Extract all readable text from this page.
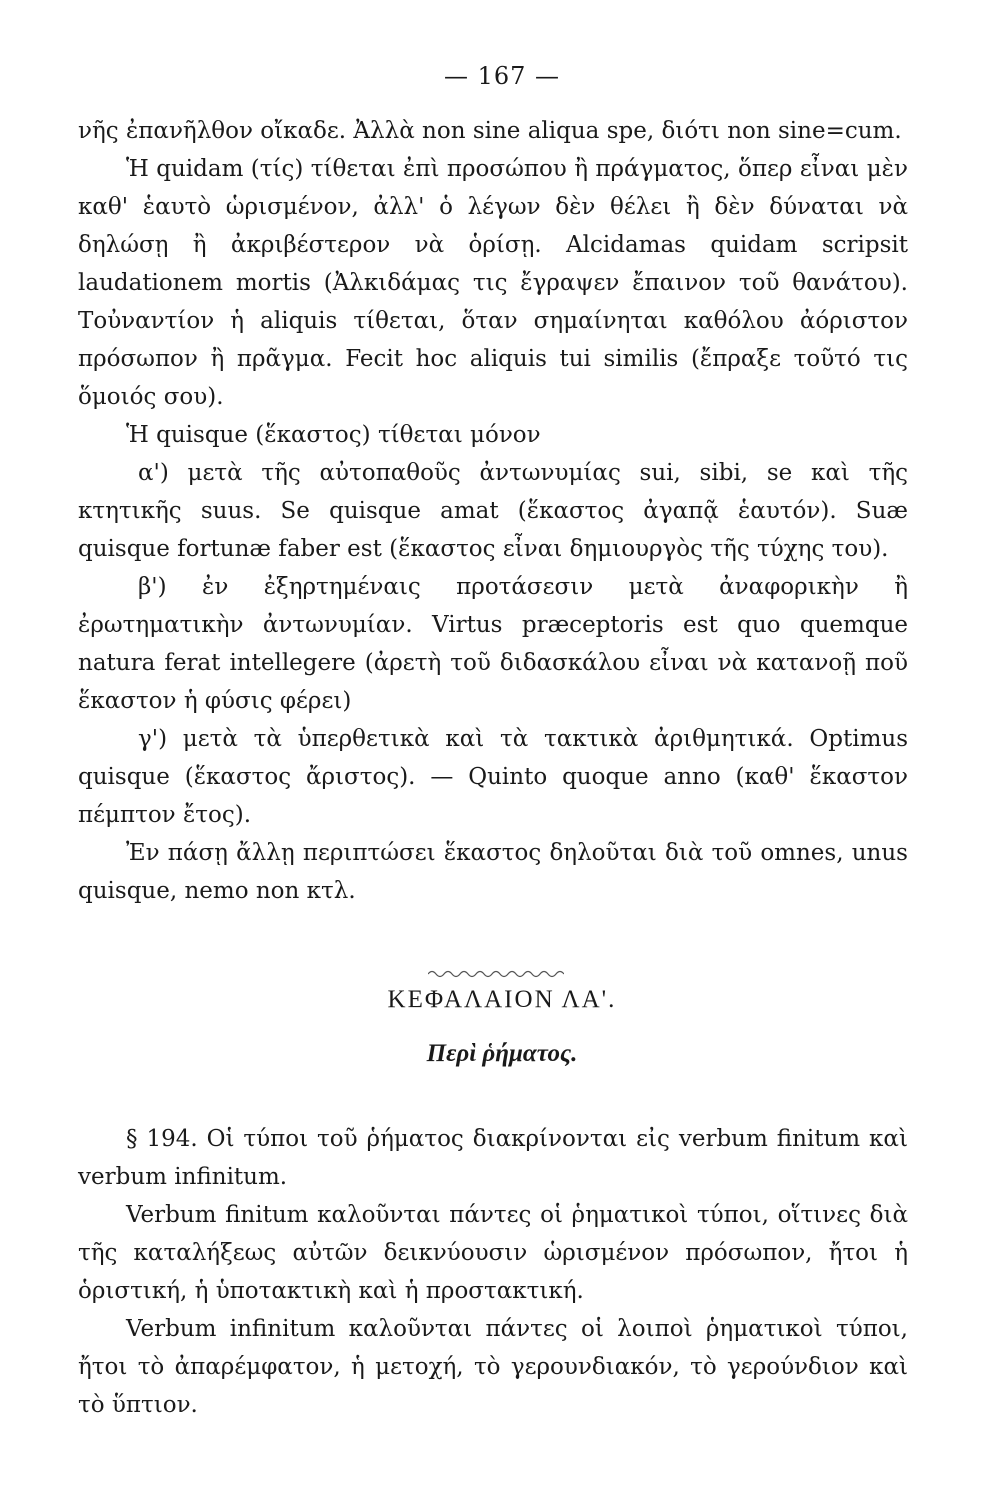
— 167 —

νῆς ἐπανῆλθον οἴκαδε. Ἀλλὰ non sine aliqua spe, διότι non sine=cum.

Ἡ quidam (τίς) τίθεται ἐπὶ προσώπου ἢ πράγματος, ὅπερ εἶναι μὲν καθ' ἑαυτὸ ὡρισμένον, ἀλλ' ὁ λέγων δὲν θέλει ἢ δὲν δύναται νὰ δηλώσῃ ἢ ἀκριβέστερον νὰ ὁρίσῃ. Alcidamas quidam scripsit laudationem mortis (Ἀλκιδάμας τις ἔγραψεν ἔπαινον τοῦ θανάτου). Τοὐναντίον ἡ aliquis τίθεται, ὅταν σημαίνηται καθόλου ἀόριστον πρόσωπον ἢ πρᾶγμα. Fecit hoc aliquis tui similis (ἔπραξε τοῦτό τις ὅμοιός σου).

Ἡ quisque (ἕκαστος) τίθεται μόνον

α') μετὰ τῆς αὐτοπαθοῦς ἀντωνυμίας sui, sibi, se καὶ τῆς κτητικῆς suus. Se quisque amat (ἕκαστος ἀγαπᾷ ἑαυτόν). Suæ quisque fortunæ faber est (ἕκαστος εἶναι δημιουργὸς τῆς τύχης του).

β') ἐν ἐξηρτημέναις προτάσεσιν μετὰ ἀναφορικὴν ἢ ἐρωτηματικὴν ἀντωνυμίαν. Virtus præceptoris est quo quemque natura ferat intellegere (ἀρετὴ τοῦ διδασκάλου εἶναι νὰ κατανοῇ ποῦ ἕκαστον ἡ φύσις φέρει)

γ') μετὰ τὰ ὑπερθετικὰ καὶ τὰ τακτικὰ ἀριθμητικά. Optimus quisque (ἕκαστος ἄριστος). — Quinto quoque anno (καθ' ἕκαστον πέμπτον ἔτος).

Ἐν πάσῃ ἄλλῃ περιπτώσει ἕκαστος δηλοῦται διὰ τοῦ omnes, unus quisque, nemo non κτλ.

ΚΕΦΑΛΑΙΟΝ ΛΑ'.
Περὶ ῥήματος.

§ 194. Οἱ τύποι τοῦ ῥήματος διακρίνονται εἰς verbum finitum καὶ verbum infinitum.

Verbum finitum καλοῦνται πάντες οἱ ῥηματικοὶ τύποι, οἵτινες διὰ τῆς καταλήξεως αὐτῶν δεικνύουσιν ὡρισμένον πρόσωπον, ἤτοι ἡ ὁριστική, ἡ ὑποτακτικὴ καὶ ἡ προστακτική.

Verbum infinitum καλοῦνται πάντες οἱ λοιποὶ ῥηματικοὶ τύποι, ἤτοι τὸ ἀπαρέμφατον, ἡ μετοχή, τὸ γερουνδιακόν, τὸ γερούνδιον καὶ τὸ ὕπτιον.
